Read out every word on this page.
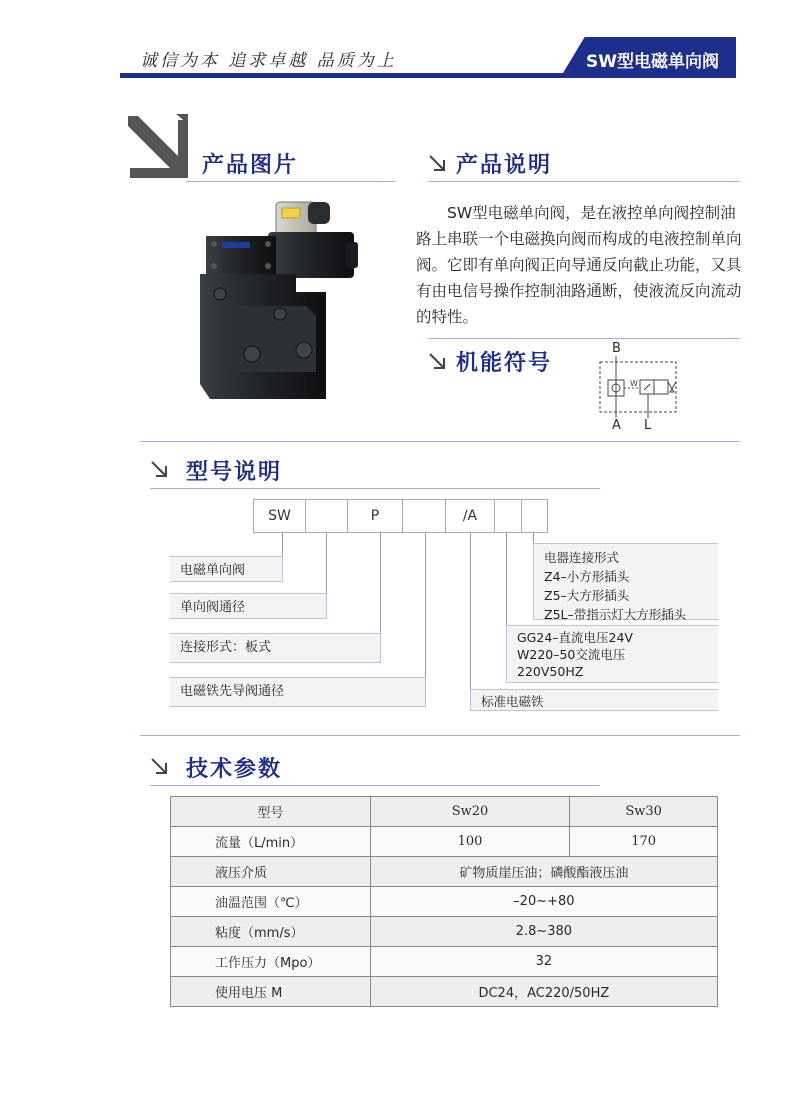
诚信为本 追求卓越 品质为上	SW型电磁单向阀
产品图片	产品说明
SW型电磁单向阀，是在液控单向阀控制油路上串联一个电磁换向阀而构成的电液控制单向阀。它即有单向阀正向导通反向截止功能，又具有由电信号操作控制油路通断，使液流反向流动的特性。
机能符号
B
A L
W
型号说明
SW	P	/A
电磁单向阀
单向阀通径
连接形式：板式
电磁铁先导阀通径
电器连接形式
Z4–小方形插头
Z5–大方形插头
Z5L–带指示灯大方形插头
GG24–直流电压24V
W220–50交流电压
220V50HZ
标准电磁铁
技术参数
型号	Sw20	Sw30
流量（L/min）	100	170
液压介质	矿物质崖压油；磷酸酯液压油	
油温范围（℃）	–20~+80	
粘度（mm/s）	2.8~380	
工作压力（Mpo）	32	
使用电压 M	DC24，AC220/50HZ	
